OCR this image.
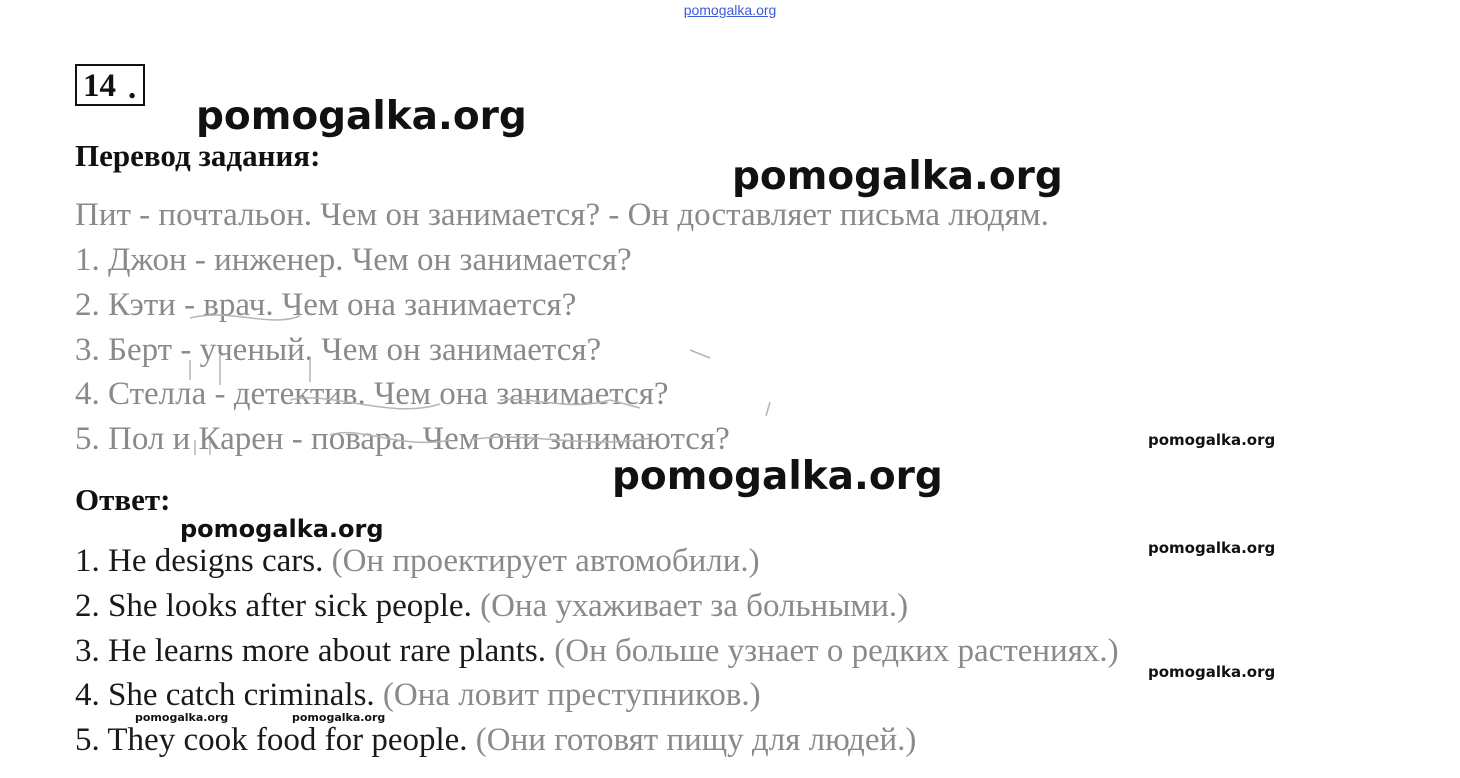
pomogalka.org
14 .
Перевод задания:
Пит - почтальон. Чем он занимается? - Он доставляет письма людям.
1. Джон - инженер. Чем он занимается?
2. Кэти - врач. Чем она занимается?
3. Берт - ученый. Чем он занимается?
4. Стелла - детектив. Чем она занимается?
5. Пол и Карен - повара. Чем они занимаются?
Ответ:
1. He designs cars. (Он проектирует автомобили.)
2. She looks after sick people. (Она ухаживает за больными.)
3. He learns more about rare plants. (Он больше узнает о редких растениях.)
4. She catch criminals. (Она ловит преступников.)
5. They cook food for people. (Они готовят пищу для людей.)
pomogalka.org
pomogalka.org
pomogalka.org
pomogalka.org
pomogalka.org
pomogalka.org
pomogalka.org
pomogalka.org	pomogalka.org
